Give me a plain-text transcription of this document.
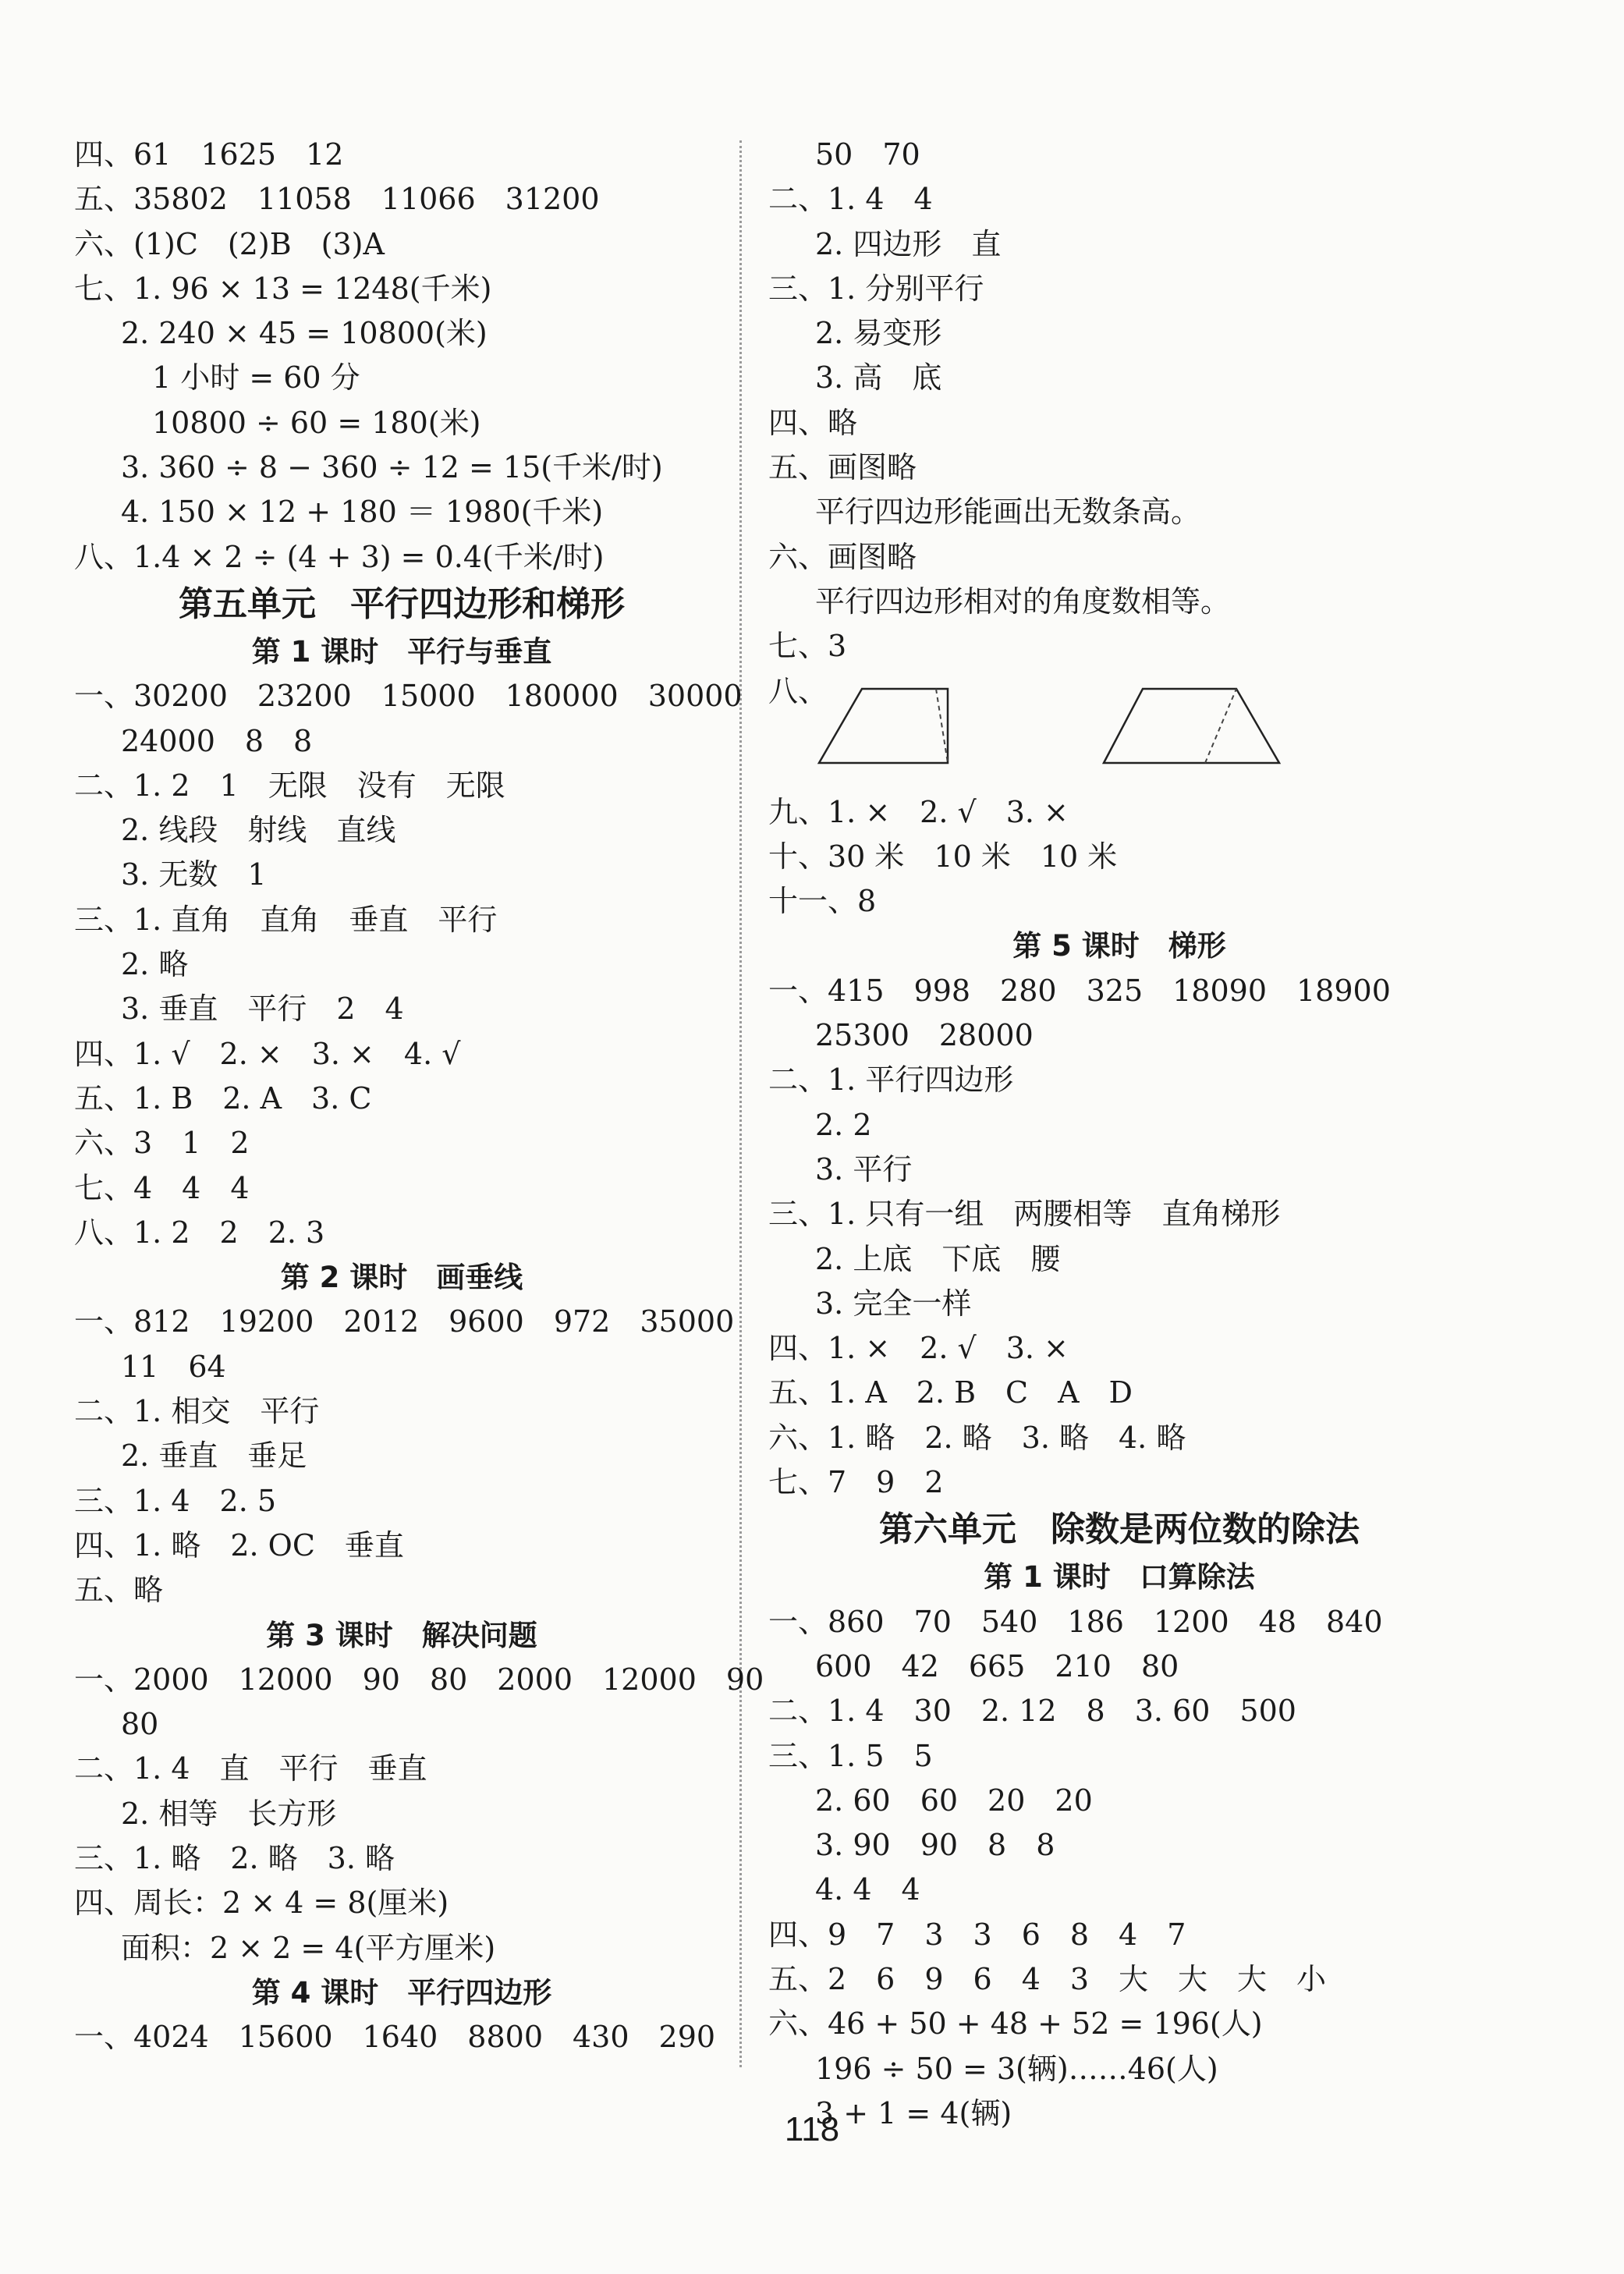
四、61　1625　12
五、35802　11058　11066　31200
六、(1)C　(2)B　(3)A
七、1. 96 × 13 = 1248(千米)
2. 240 × 45 = 10800(米)
1 小时 = 60 分
10800 ÷ 60 = 180(米)
3. 360 ÷ 8 − 360 ÷ 12 = 15(千米/时)
4. 150 × 12 + 180 ＝ 1980(千米)
八、1.4 × 2 ÷ (4 + 3) = 0.4(千米/时)
第五单元　平行四边形和梯形
第 1 课时　平行与垂直
一、30200　23200　15000　180000　30000
24000　8　8
二、1. 2　1　无限　没有　无限
2. 线段　射线　直线
3. 无数　1
三、1. 直角　直角　垂直　平行
2. 略
3. 垂直　平行　2　4
四、1. √　2. ×　3. ×　4. √
五、1. B　2. A　3. C
六、3　1　2
七、4　4　4
八、1. 2　2　2. 3
第 2 课时　画垂线
一、812　19200　2012　9600　972　35000
11　64
二、1. 相交　平行
2. 垂直　垂足
三、1. 4　2. 5
四、1. 略　2. OC　垂直
五、略
第 3 课时　解决问题
一、2000　12000　90　80　2000　12000　90
80
二、1. 4　直　平行　垂直
2. 相等　长方形
三、1. 略　2. 略　3. 略
四、周长：2 × 4 = 8(厘米)
面积：2 × 2 = 4(平方厘米)
第 4 课时　平行四边形
一、4024　15600　1640　8800　430　290
50　70
二、1. 4　4
2. 四边形　直
三、1. 分别平行
2. 易变形
3. 高　底
四、略
五、画图略
平行四边形能画出无数条高。
六、画图略
平行四边形相对的角度数相等。
七、3
八、
九、1. ×　2. √　3. ×
十、30 米　10 米　10 米
十一、8
第 5 课时　梯形
一、415　998　280　325　18090　18900
25300　28000
二、1. 平行四边形
2. 2
3. 平行
三、1. 只有一组　两腰相等　直角梯形
2. 上底　下底　腰
3. 完全一样
四、1. ×　2. √　3. ×
五、1. A　2. B　C　A　D
六、1. 略　2. 略　3. 略　4. 略
七、7　9　2
第六单元　除数是两位数的除法
第 1 课时　口算除法
一、860　70　540　186　1200　48　840
600　42　665　210　80
二、1. 4　30　2. 12　8　3. 60　500
三、1. 5　5
2. 60　60　20　20
3. 90　90　8　8
4. 4　4
四、9　7　3　3　6　8　4　7
五、2　6　9　6　4　3　大　大　大　小
六、46 + 50 + 48 + 52 = 196(人)
196 ÷ 50 = 3(辆)……46(人)
3 + 1 = 4(辆)
118
